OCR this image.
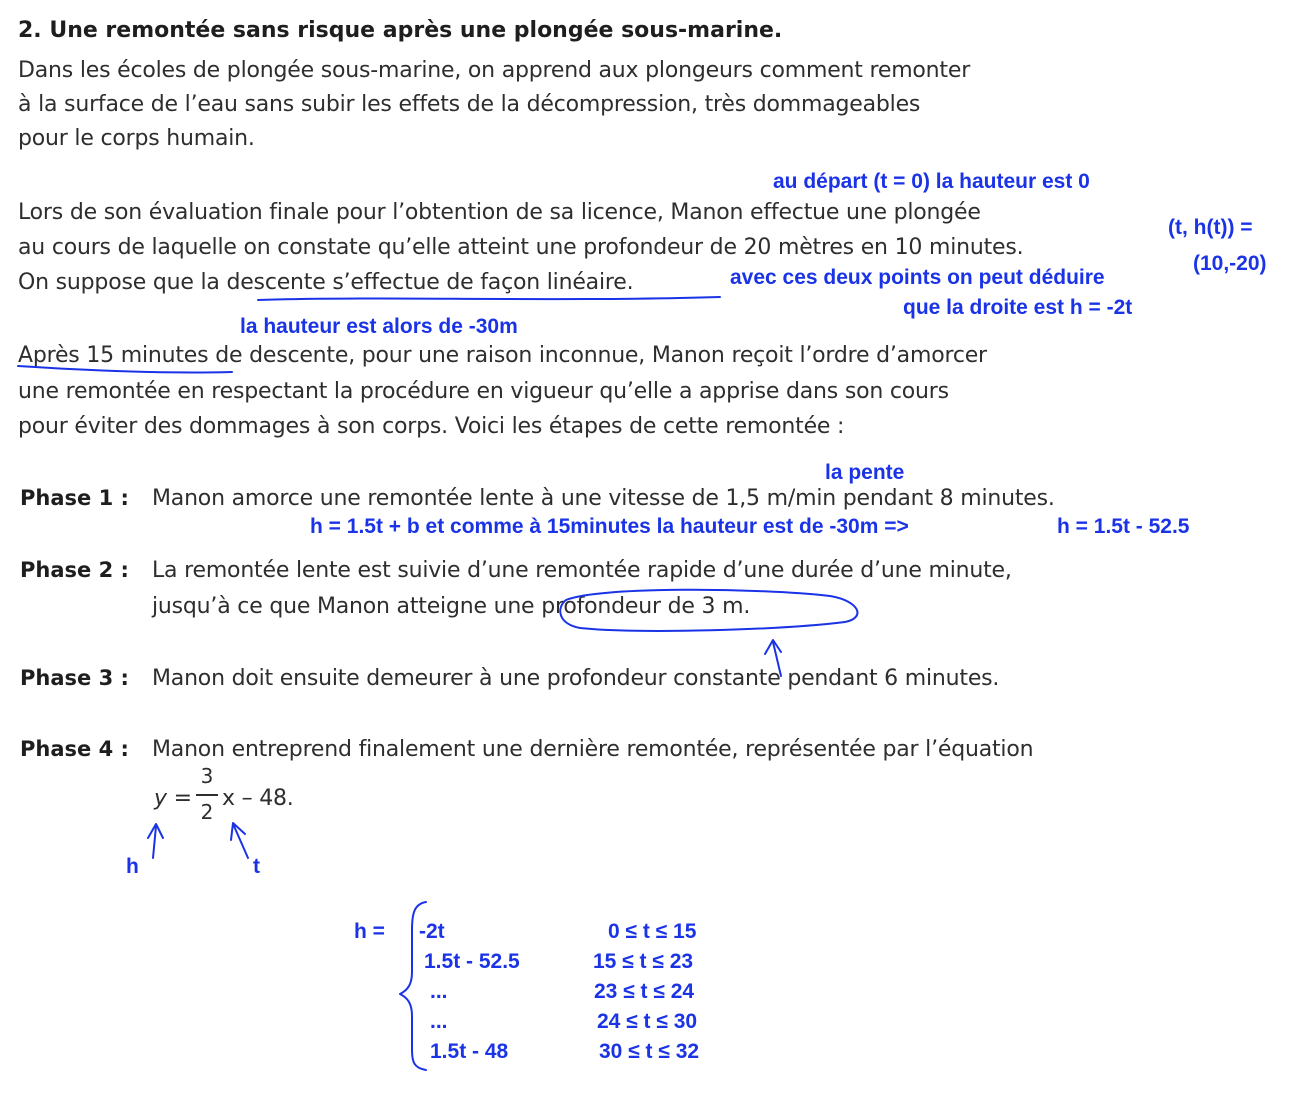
2. Une remontée sans risque après une plongée sous-marine.
Dans les écoles de plongée sous-marine, on apprend aux plongeurs comment remonter
à la surface de l’eau sans subir les effets de la décompression, très dommageables
pour le corps humain.
Lors de son évaluation finale pour l’obtention de sa licence, Manon effectue une plongée
au cours de laquelle on constate qu’elle atteint une profondeur de 20 mètres en 10 minutes.
On suppose que la descente s’effectue de façon linéaire.
Après 15 minutes de descente, pour une raison inconnue, Manon reçoit l’ordre d’amorcer
une remontée en respectant la procédure en vigueur qu’elle a apprise dans son cours
pour éviter des dommages à son corps. Voici les étapes de cette remontée :
Phase 1 : Manon amorce une remontée lente à une vitesse de 1,5 m/min pendant 8 minutes.
Phase 2 : La remontée lente est suivie d’une remontée rapide d’une durée d’une minute,
jusqu’à ce que Manon atteigne une profondeur de 3 m.
Phase 3 : Manon doit ensuite demeurer à une profondeur constante pendant 6 minutes.
Phase 4 : Manon entreprend finalement une dernière remontée, représentée par l’équation
y =
3
2
x – 48.
au départ (t = 0) la hauteur est 0
(t, h(t)) =
(10,-20)
avec ces deux points on peut déduire
que la droite est h = -2t
la hauteur est alors de -30m
la pente
h = 1.5t + b et comme à 15minutes la hauteur est de -30m =>	h = 1.5t - 52.5
h	t
h = -2t	0 ≤ t ≤ 15
1.5t - 52.5	15 ≤ t ≤ 23
...	23 ≤ t ≤ 24
...	24 ≤ t ≤ 30
1.5t - 48	30 ≤ t ≤ 32
